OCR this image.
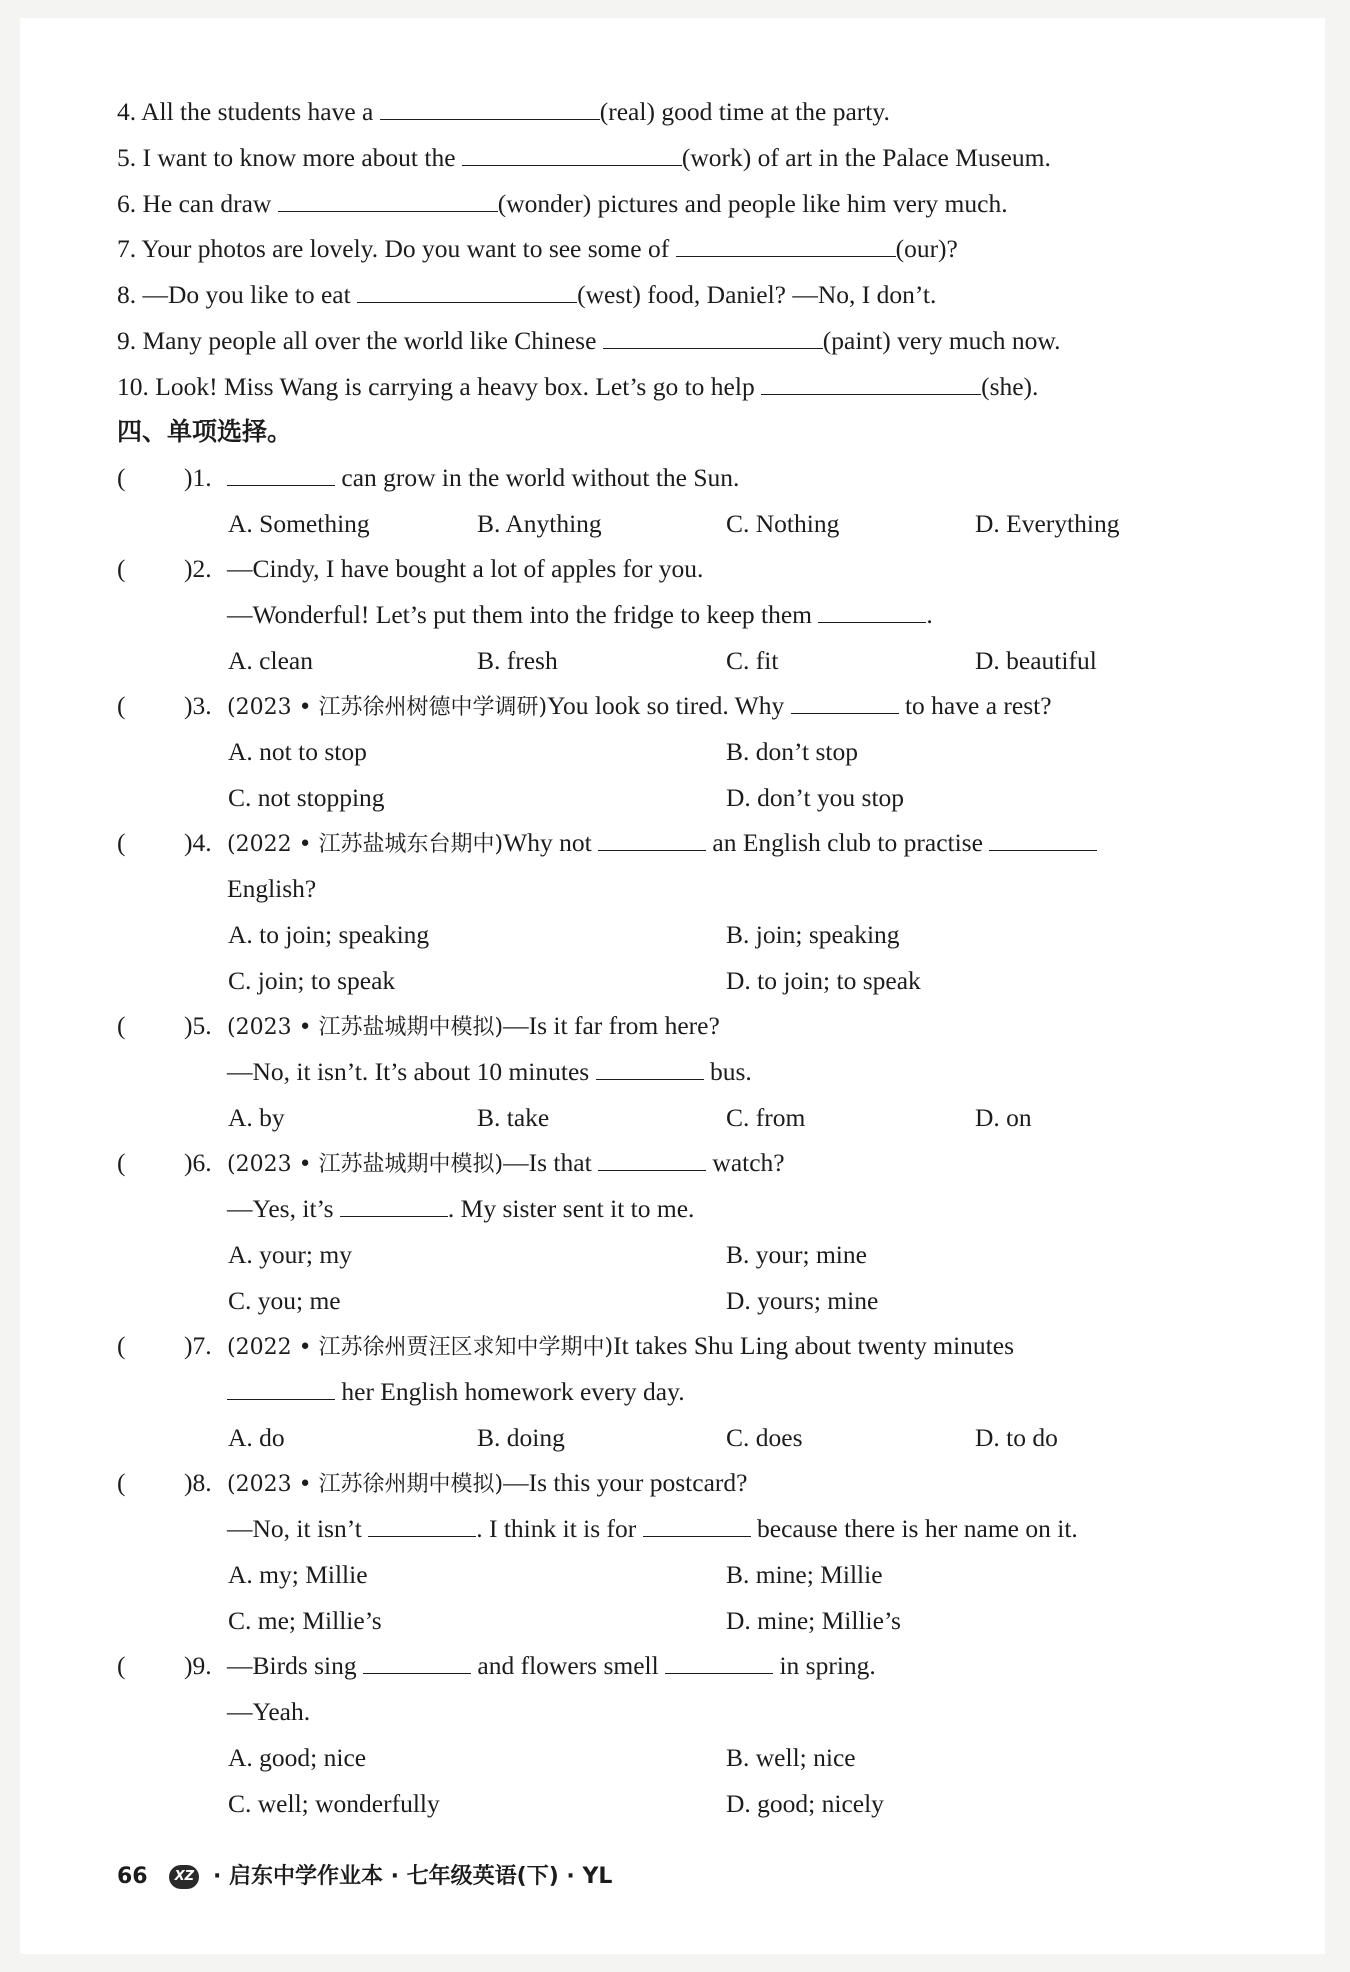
4. All the students have a	(real) good time at the party.
5. I want to know more about the	(work) of art in the Palace Museum.
6. He can draw	(wonder) pictures and people like him very much.
7. Your photos are lovely. Do you want to see some of	(our)?
8. —Do you like to eat	(west) food, Daniel? —No, I don’t.
9. Many people all over the world like Chinese	(paint) very much now.
10. Look! Miss Wang is carrying a heavy box. Let’s go to help	(she).
四、单项选择。
( )1.	can grow in the world without the Sun.
A. Something	B. Anything	C. Nothing	D. Everything
( )2. —Cindy, I have bought a lot of apples for you.
—Wonderful! Let’s put them into the fridge to keep them	.
A. clean	B. fresh	C. fit	D. beautiful
( )3. (2023 • 江苏徐州树德中学调研)You look so tired. Why	to have a rest?
A. not to stop	B. don’t stop
C. not stopping	D. don’t you stop
( )4. (2022 • 江苏盐城东台期中)Why not	an English club to practise
English?
A. to join; speaking	B. join; speaking
C. join; to speak	D. to join; to speak
( )5. (2023 • 江苏盐城期中模拟)—Is it far from here?
—No, it isn’t. It’s about 10 minutes	bus.
A. by	B. take	C. from	D. on
( )6. (2023 • 江苏盐城期中模拟)—Is that	watch?
—Yes, it’s	. My sister sent it to me.
A. your; my	B. your; mine
C. you; me	D. yours; mine
( )7. (2022 • 江苏徐州贾汪区求知中学期中)It takes Shu Ling about twenty minutes
her English homework every day.
A. do	B. doing	C. does	D. to do
( )8. (2023 • 江苏徐州期中模拟)—Is this your postcard?
—No, it isn’t	. I think it is for	because there is her name on it.
A. my; Millie	B. mine; Millie
C. me; Millie’s	D. mine; Millie’s
( )9. —Birds sing	and flowers smell	in spring.
—Yeah.
A. good; nice	B. well; nice
C. well; wonderfully	D. good; nicely
66 XZ · 启东中学作业本 · 七年级英语(下) · YL
